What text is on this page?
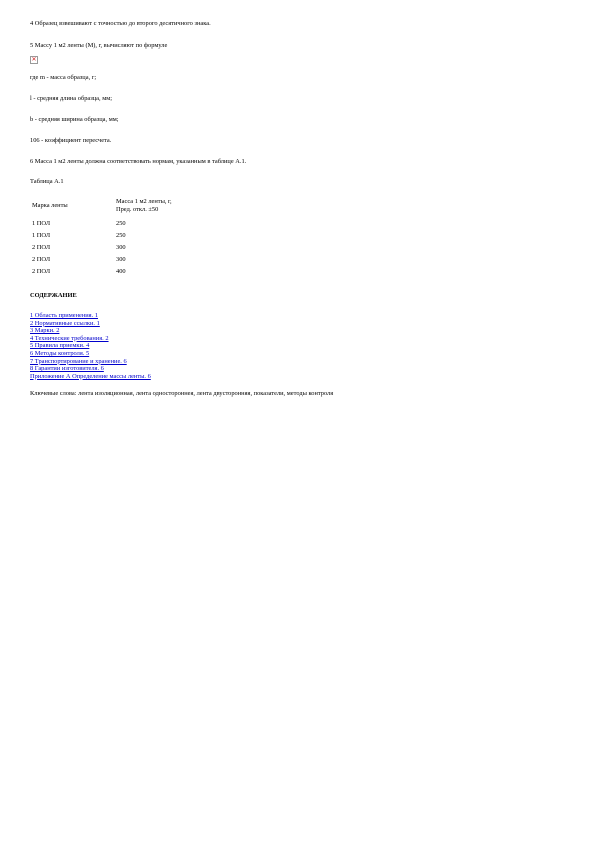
4 Образец взвешивают с точностью до второго десятичного знака.

5 Массу 1 м2 ленты (М), г, вычисляют по формуле

✕

где m - масса образца, г;

l - средняя длина образца, мм;

b - средняя ширина образца, мм;

106 - коэффициент пересчета.

6 Масса 1 м2 ленты должна соответствовать нормам, указанным в таблице А.1.

Таблица А.1

Марка ленты	Масса 1 м2 ленты, г,
Пред. откл. ±50

1 ПОЛ	250
1 ПОЛ	250
2 ПОЛ	300
2 ПОЛ	300
2 ПОЛ	400

СОДЕРЖАНИЕ

1 Область применения. 1
2 Нормативные ссылки. 1
3 Марки. 2
4 Технические требования. 2
5 Правила приемки. 4
6 Методы контроля. 5
7 Транспортирование и хранение. 6
8 Гарантии изготовителя. 6
Приложение А Определение массы ленты. 6

Ключевые слова: лента изоляционная, лента одностороннея, лента двусторонняя, показатели, методы контроля
